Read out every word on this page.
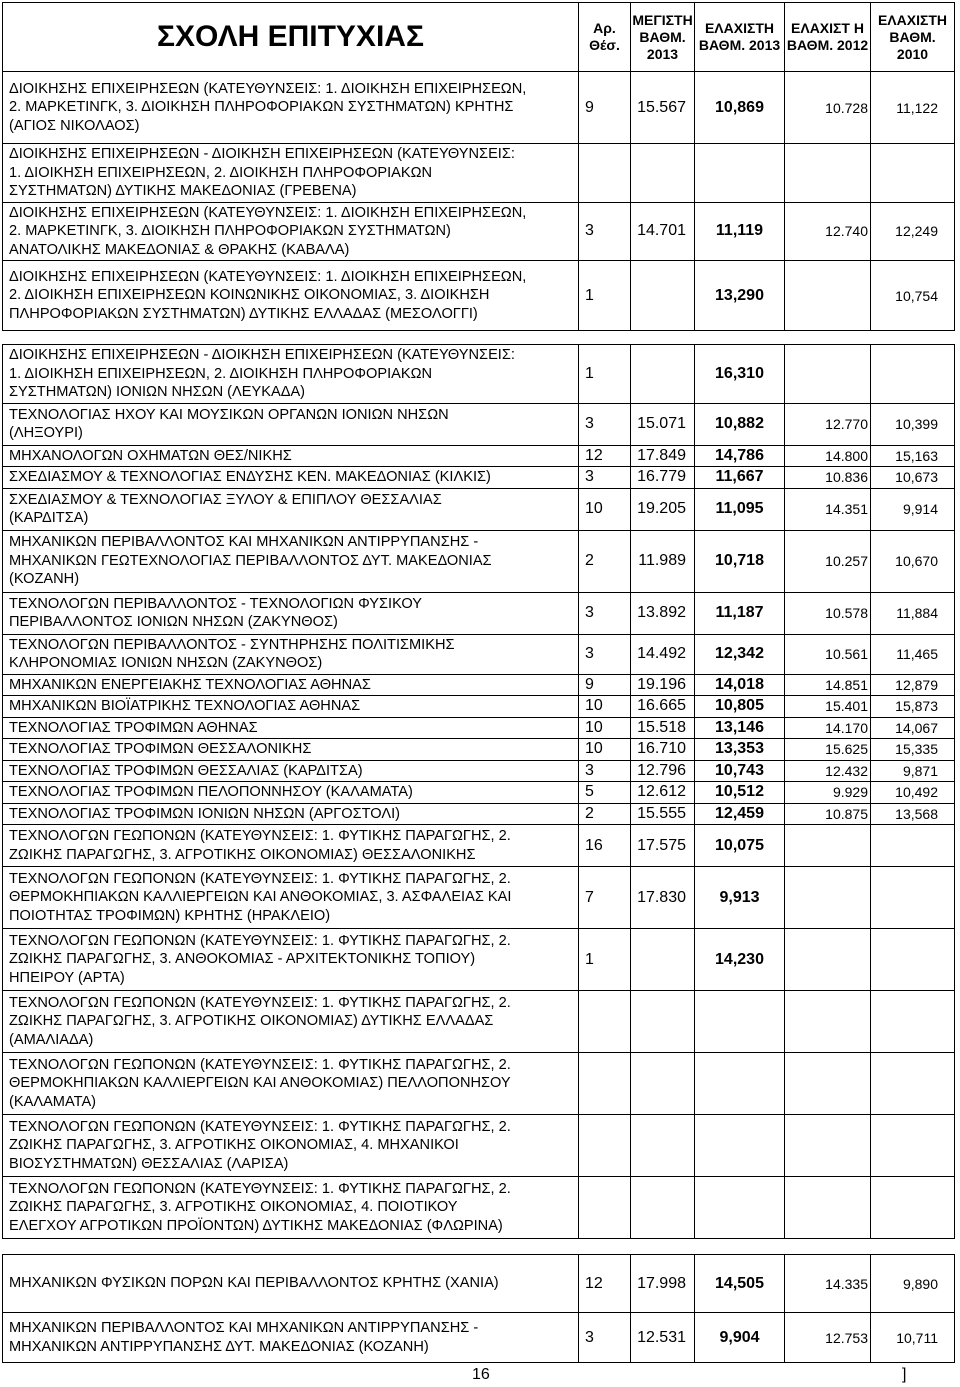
ΣΧΟΛΗ ΕΠΙΤΥΧΙΑΣ	Αρ. Θέσ.	ΜΕΓΙΣΤΗ ΒΑΘΜ. 2013	ΕΛΑΧΙΣΤΗ ΒΑΘΜ. 2013	ΕΛΑΧΙΣΤ Η ΒΑΘΜ. 2012	ΕΛΑΧΙΣΤΗ ΒΑΘΜ. 2010
ΔΙΟΙΚΗΣΗΣ ΕΠΙΧΕΙΡΗΣΕΩΝ (ΚΑΤΕΥΘΥΝΣΕΙΣ: 1. ΔΙΟΙΚΗΣΗ ΕΠΙΧΕΙΡΗΣΕΩΝ,
2. ΜΑΡΚΕΤΙΝΓΚ, 3. ΔΙΟΙΚΗΣΗ ΠΛΗΡΟΦΟΡΙΑΚΩΝ ΣΥΣΤΗΜΑΤΩΝ) ΚΡΗΤΗΣ
(ΑΓΙΟΣ ΝΙΚΟΛΑΟΣ)	9	15.567	10,869	10.728	11,122
ΔΙΟΙΚΗΣΗΣ ΕΠΙΧΕΙΡΗΣΕΩΝ - ΔΙΟΙΚΗΣΗ ΕΠΙΧΕΙΡΗΣΕΩΝ (ΚΑΤΕΥΘΥΝΣΕΙΣ:
1. ΔΙΟΙΚΗΣΗ ΕΠΙΧΕΙΡΗΣΕΩΝ, 2. ΔΙΟΙΚΗΣΗ ΠΛΗΡΟΦΟΡΙΑΚΩΝ
ΣΥΣΤΗΜΑΤΩΝ) ΔΥΤΙΚΗΣ ΜΑΚΕΔΟΝΙΑΣ (ΓΡΕΒΕΝΑ)					
ΔΙΟΙΚΗΣΗΣ ΕΠΙΧΕΙΡΗΣΕΩΝ (ΚΑΤΕΥΘΥΝΣΕΙΣ: 1. ΔΙΟΙΚΗΣΗ ΕΠΙΧΕΙΡΗΣΕΩΝ,
2. ΜΑΡΚΕΤΙΝΓΚ, 3. ΔΙΟΙΚΗΣΗ ΠΛΗΡΟΦΟΡΙΑΚΩΝ ΣΥΣΤΗΜΑΤΩΝ)
ΑΝΑΤΟΛΙΚΗΣ ΜΑΚΕΔΟΝΙΑΣ & ΘΡΑΚΗΣ (ΚΑΒΑΛΑ)	3	14.701	11,119	12.740	12,249
ΔΙΟΙΚΗΣΗΣ ΕΠΙΧΕΙΡΗΣΕΩΝ (ΚΑΤΕΥΘΥΝΣΕΙΣ: 1. ΔΙΟΙΚΗΣΗ ΕΠΙΧΕΙΡΗΣΕΩΝ,
2. ΔΙΟΙΚΗΣΗ ΕΠΙΧΕΙΡΗΣΕΩΝ ΚΟΙΝΩΝΙΚΗΣ ΟΙΚΟΝΟΜΙΑΣ, 3. ΔΙΟΙΚΗΣΗ
ΠΛΗΡΟΦΟΡΙΑΚΩΝ ΣΥΣΤΗΜΑΤΩΝ) ΔΥΤΙΚΗΣ ΕΛΛΑΔΑΣ (ΜΕΣΟΛΟΓΓΙ)	1		13,290		10,754

ΔΙΟΙΚΗΣΗΣ ΕΠΙΧΕΙΡΗΣΕΩΝ - ΔΙΟΙΚΗΣΗ ΕΠΙΧΕΙΡΗΣΕΩΝ (ΚΑΤΕΥΘΥΝΣΕΙΣ:
1. ΔΙΟΙΚΗΣΗ ΕΠΙΧΕΙΡΗΣΕΩΝ, 2. ΔΙΟΙΚΗΣΗ ΠΛΗΡΟΦΟΡΙΑΚΩΝ
ΣΥΣΤΗΜΑΤΩΝ) ΙΟΝΙΩΝ ΝΗΣΩΝ (ΛΕΥΚΑΔΑ)	1		16,310		
ΤΕΧΝΟΛΟΓΙΑΣ ΗΧΟΥ ΚΑΙ ΜΟΥΣΙΚΩΝ ΟΡΓΑΝΩΝ ΙΟΝΙΩΝ ΝΗΣΩΝ
(ΛΗΞΟΥΡΙ)	3	15.071	10,882	12.770	10,399
ΜΗΧΑΝΟΛΟΓΩΝ ΟΧΗΜΑΤΩΝ ΘΕΣ/ΝΙΚΗΣ	12	17.849	14,786	14.800	15,163
ΣΧΕΔΙΑΣΜΟΥ & ΤΕΧΝΟΛΟΓΙΑΣ ΕΝΔΥΣΗΣ ΚΕΝ. ΜΑΚΕΔΟΝΙΑΣ (ΚΙΛΚΙΣ)	3	16.779	11,667	10.836	10,673
ΣΧΕΔΙΑΣΜΟΥ & ΤΕΧΝΟΛΟΓΙΑΣ ΞΥΛΟΥ & ΕΠΙΠΛΟΥ ΘΕΣΣΑΛΙΑΣ
(ΚΑΡΔΙΤΣΑ)	10	19.205	11,095	14.351	9,914
ΜΗΧΑΝΙΚΩΝ ΠΕΡΙΒΑΛΛΟΝΤΟΣ ΚΑΙ ΜΗΧΑΝΙΚΩΝ ΑΝΤΙΡΡΥΠΑΝΣΗΣ -
ΜΗΧΑΝΙΚΩΝ ΓΕΩΤΕΧΝΟΛΟΓΙΑΣ ΠΕΡΙΒΑΛΛΟΝΤΟΣ ΔΥΤ. ΜΑΚΕΔΟΝΙΑΣ
(ΚΟΖΑΝΗ)	2	11.989	10,718	10.257	10,670
ΤΕΧΝΟΛΟΓΩΝ ΠΕΡΙΒΑΛΛΟΝΤΟΣ - ΤΕΧΝΟΛΟΓΙΩΝ ΦΥΣΙΚΟΥ
ΠΕΡΙΒΑΛΛΟΝΤΟΣ ΙΟΝΙΩΝ ΝΗΣΩΝ (ΖΑΚΥΝΘΟΣ)	3	13.892	11,187	10.578	11,884
ΤΕΧΝΟΛΟΓΩΝ ΠΕΡΙΒΑΛΛΟΝΤΟΣ - ΣΥΝΤΗΡΗΣΗΣ ΠΟΛΙΤΙΣΜΙΚΗΣ
ΚΛΗΡΟΝΟΜΙΑΣ ΙΟΝΙΩΝ ΝΗΣΩΝ (ΖΑΚΥΝΘΟΣ)	3	14.492	12,342	10.561	11,465
ΜΗΧΑΝΙΚΩΝ ΕΝΕΡΓΕΙΑΚΗΣ ΤΕΧΝΟΛΟΓΙΑΣ ΑΘΗΝΑΣ	9	19.196	14,018	14.851	12,879
ΜΗΧΑΝΙΚΩΝ ΒΙΟΪΑΤΡΙΚΗΣ ΤΕΧΝΟΛΟΓΙΑΣ ΑΘΗΝΑΣ	10	16.665	10,805	15.401	15,873
ΤΕΧΝΟΛΟΓΙΑΣ ΤΡΟΦΙΜΩΝ ΑΘΗΝΑΣ	10	15.518	13,146	14.170	14,067
ΤΕΧΝΟΛΟΓΙΑΣ ΤΡΟΦΙΜΩΝ ΘΕΣΣΑΛΟΝΙΚΗΣ	10	16.710	13,353	15.625	15,335
ΤΕΧΝΟΛΟΓΙΑΣ ΤΡΟΦΙΜΩΝ ΘΕΣΣΑΛΙΑΣ (ΚΑΡΔΙΤΣΑ)	3	12.796	10,743	12.432	9,871
ΤΕΧΝΟΛΟΓΙΑΣ ΤΡΟΦΙΜΩΝ ΠΕΛΟΠΟΝΝΗΣΟΥ (ΚΑΛΑΜΑΤΑ)	5	12.612	10,512	9.929	10,492
ΤΕΧΝΟΛΟΓΙΑΣ ΤΡΟΦΙΜΩΝ ΙΟΝΙΩΝ ΝΗΣΩΝ (ΑΡΓΟΣΤΟΛΙ)	2	15.555	12,459	10.875	13,568
ΤΕΧΝΟΛΟΓΩΝ ΓΕΩΠΟΝΩΝ (ΚΑΤΕΥΘΥΝΣΕΙΣ: 1. ΦΥΤΙΚΗΣ ΠΑΡΑΓΩΓΗΣ, 2.
ΖΩΙΚΗΣ ΠΑΡΑΓΩΓΗΣ, 3. ΑΓΡΟΤΙΚΗΣ ΟΙΚΟΝΟΜΙΑΣ) ΘΕΣΣΑΛΟΝΙΚΗΣ	16	17.575	10,075		
ΤΕΧΝΟΛΟΓΩΝ ΓΕΩΠΟΝΩΝ (ΚΑΤΕΥΘΥΝΣΕΙΣ: 1. ΦΥΤΙΚΗΣ ΠΑΡΑΓΩΓΗΣ, 2.
ΘΕΡΜΟΚΗΠΙΑΚΩΝ ΚΑΛΛΙΕΡΓΕΙΩΝ ΚΑΙ ΑΝΘΟΚΟΜΙΑΣ, 3. ΑΣΦΑΛΕΙΑΣ ΚΑΙ
ΠΟΙΟΤΗΤΑΣ ΤΡΟΦΙΜΩΝ) ΚΡΗΤΗΣ (ΗΡΑΚΛΕΙΟ)	7	17.830	9,913		
ΤΕΧΝΟΛΟΓΩΝ ΓΕΩΠΟΝΩΝ (ΚΑΤΕΥΘΥΝΣΕΙΣ: 1. ΦΥΤΙΚΗΣ ΠΑΡΑΓΩΓΗΣ, 2.
ΖΩΙΚΗΣ ΠΑΡΑΓΩΓΗΣ, 3. ΑΝΘΟΚΟΜΙΑΣ - ΑΡΧΙΤΕΚΤΟΝΙΚΗΣ ΤΟΠΙΟΥ)
ΗΠΕΙΡΟΥ (ΑΡΤΑ)	1		14,230		
ΤΕΧΝΟΛΟΓΩΝ ΓΕΩΠΟΝΩΝ (ΚΑΤΕΥΘΥΝΣΕΙΣ: 1. ΦΥΤΙΚΗΣ ΠΑΡΑΓΩΓΗΣ, 2.
ΖΩΙΚΗΣ ΠΑΡΑΓΩΓΗΣ, 3. ΑΓΡΟΤΙΚΗΣ ΟΙΚΟΝΟΜΙΑΣ) ΔΥΤΙΚΗΣ ΕΛΛΑΔΑΣ
(ΑΜΑΛΙΑΔΑ)					
ΤΕΧΝΟΛΟΓΩΝ ΓΕΩΠΟΝΩΝ (ΚΑΤΕΥΘΥΝΣΕΙΣ: 1. ΦΥΤΙΚΗΣ ΠΑΡΑΓΩΓΗΣ, 2.
ΘΕΡΜΟΚΗΠΙΑΚΩΝ ΚΑΛΛΙΕΡΓΕΙΩΝ ΚΑΙ ΑΝΘΟΚΟΜΙΑΣ) ΠΕΛΛΟΠΟΝΗΣΟΥ
(ΚΑΛΑΜΑΤΑ)					
ΤΕΧΝΟΛΟΓΩΝ ΓΕΩΠΟΝΩΝ (ΚΑΤΕΥΘΥΝΣΕΙΣ: 1. ΦΥΤΙΚΗΣ ΠΑΡΑΓΩΓΗΣ, 2.
ΖΩΙΚΗΣ ΠΑΡΑΓΩΓΗΣ, 3. ΑΓΡΟΤΙΚΗΣ ΟΙΚΟΝΟΜΙΑΣ, 4. ΜΗΧΑΝΙΚΟΙ
ΒΙΟΣΥΣΤΗΜΑΤΩΝ) ΘΕΣΣΑΛΙΑΣ (ΛΑΡΙΣΑ)					
ΤΕΧΝΟΛΟΓΩΝ ΓΕΩΠΟΝΩΝ (ΚΑΤΕΥΘΥΝΣΕΙΣ: 1. ΦΥΤΙΚΗΣ ΠΑΡΑΓΩΓΗΣ, 2.
ΖΩΙΚΗΣ ΠΑΡΑΓΩΓΗΣ, 3. ΑΓΡΟΤΙΚΗΣ ΟΙΚΟΝΟΜΙΑΣ, 4. ΠΟΙΟΤΙΚΟΥ
ΕΛΕΓΧΟΥ ΑΓΡΟΤΙΚΩΝ ΠΡΟΪΟΝΤΩΝ) ΔΥΤΙΚΗΣ ΜΑΚΕΔΟΝΙΑΣ (ΦΛΩΡΙΝΑ)					

ΜΗΧΑΝΙΚΩΝ ΦΥΣΙΚΩΝ ΠΟΡΩΝ ΚΑΙ ΠΕΡΙΒΑΛΛΟΝΤΟΣ ΚΡΗΤΗΣ (ΧΑΝΙΑ)	12	17.998	14,505	14.335	9,890
ΜΗΧΑΝΙΚΩΝ ΠΕΡΙΒΑΛΛΟΝΤΟΣ ΚΑΙ ΜΗΧΑΝΙΚΩΝ ΑΝΤΙΡΡΥΠΑΝΣΗΣ -
ΜΗΧΑΝΙΚΩΝ ΑΝΤΙΡΡΥΠΑΝΣΗΣ ΔΥΤ. ΜΑΚΕΔΟΝΙΑΣ (ΚΟΖΑΝΗ)	3	12.531	9,904	12.753	10,711
16	]
